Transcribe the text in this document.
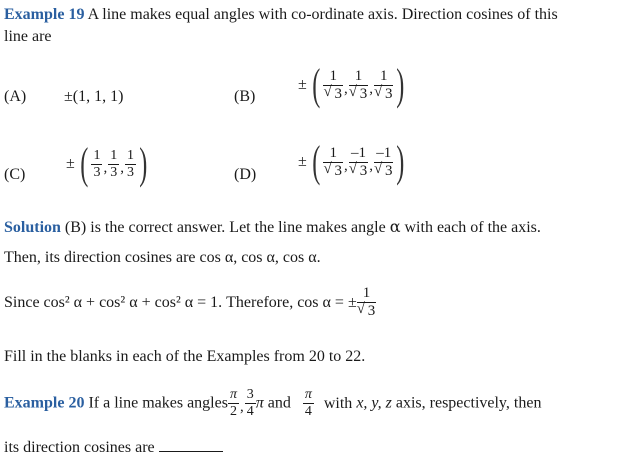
Example 19 A line makes equal angles with co-ordinate axis. Direction cosines of this
line are
(A) ±(1, 1, 1)	(B)
± ( $\frac{1}{√ 3}$ , $\frac{1}{√ 3}$ , $\frac{1}{√ 3}$ )
(C)
± ( $\frac{1}{3}$ , $\frac{1}{3}$ , $\frac{1}{3}$ )	(D)
± ( $\frac{1}{√ 3}$ , $\frac{-1}{√ 3}$ , $\frac{-1}{√ 3}$ )
Solution (B) is the correct answer. Let the line makes angle α with each of the axis.
Then, its direction cosines are cos α, cos α, cos α.
Since cos² α + cos² α + cos² α = 1. Therefore, cos α = ± $\frac{1}{√ 3}$
Fill in the blanks in each of the Examples from 20 to 22.
Example 20 If a line makes angles $\frac{\pi}{2}$ , $\frac{3}{4}$ π and $\frac{\pi}{4}$ with x, y, z axis, respectively, then
its direction cosines are
